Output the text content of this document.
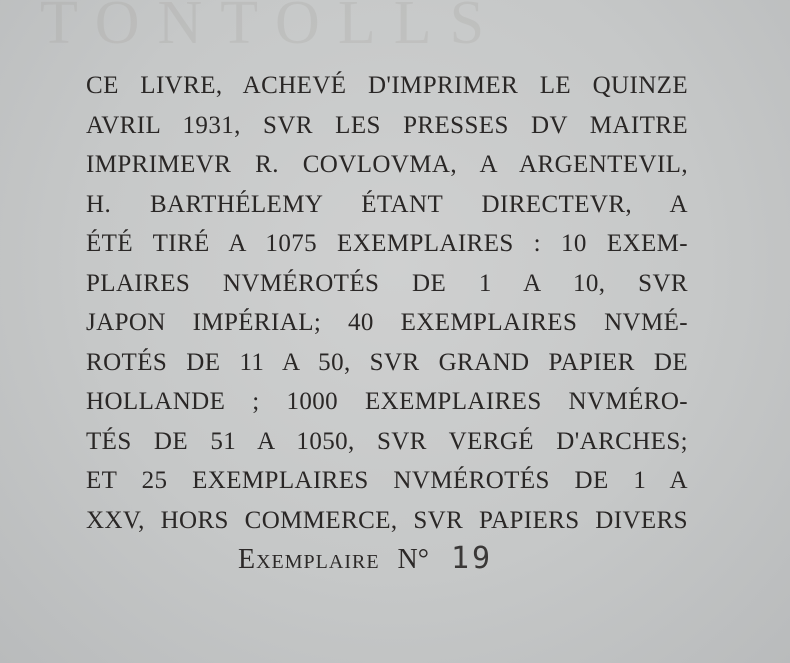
TONTOLLS
CE LIVRE, ACHEVÉ D'IMPRIMER LE QUINZE
AVRIL 1931, SVR LES PRESSES DV MAITRE
IMPRIMEVR R. COVLOVMA, A ARGENTEVIL,
H. BARTHÉLEMY ÉTANT DIRECTEVR, A
ÉTÉ TIRÉ A 1075 EXEMPLAIRES : 10 EXEM-
PLAIRES NVMÉROTÉS DE 1 A 10, SVR
JAPON IMPÉRIAL; 40 EXEMPLAIRES NVMÉ-
ROTÉS DE 11 A 50, SVR GRAND PAPIER DE
HOLLANDE ; 1000 EXEMPLAIRES NVMÉRO-
TÉS DE 51 A 1050, SVR VERGÉ D'ARCHES;
ET 25 EXEMPLAIRES NVMÉROTÉS DE 1 A
XXV, HORS COMMERCE, SVR PAPIERS DIVERS
Exemplaire N° 19
